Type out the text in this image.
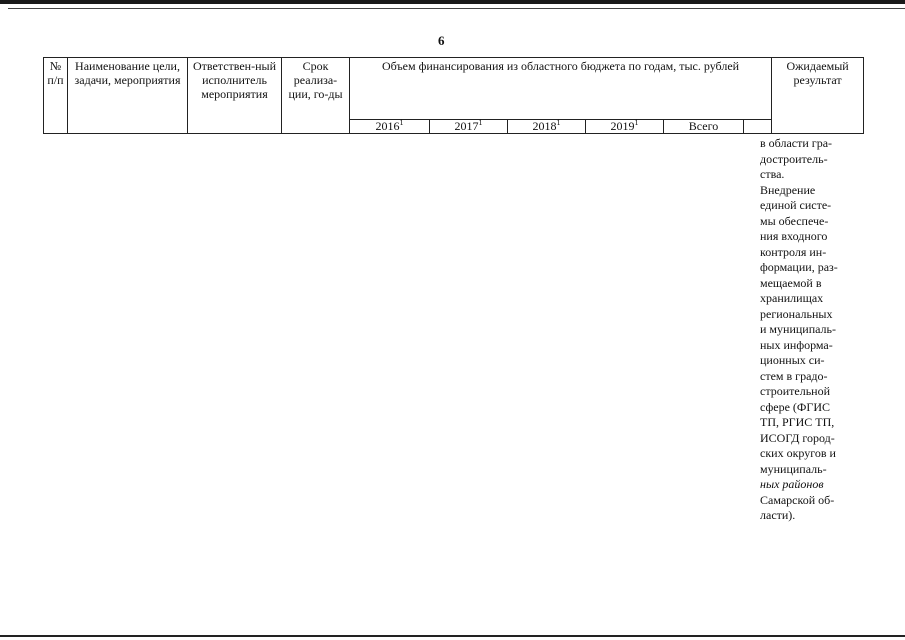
6
№ п/п	Наименование цели, задачи, мероприятия	Ответствен-ный исполнитель мероприятия	Срок реализа-ции, го-ды	Объем финансирования из областного бюджета по годам, тыс. рублей						Ожидаемый результат
				2016$^1$	2017$^1$	2018$^1$	2019$^1$	Всего		
в области гра-
достроитель-
ства.
Внедрение
единой систе-
мы обеспече-
ния входного
контроля ин-
формации, раз-
мещаемой в
хранилищах
региональных
и муниципаль-
ных информа-
ционных си-
стем в градо-
строительной
сфере (ФГИС
ТП, РГИС ТП,
ИСОГД город-
ских округов и
муниципаль-
ных районов
Самарской об-
ласти).
